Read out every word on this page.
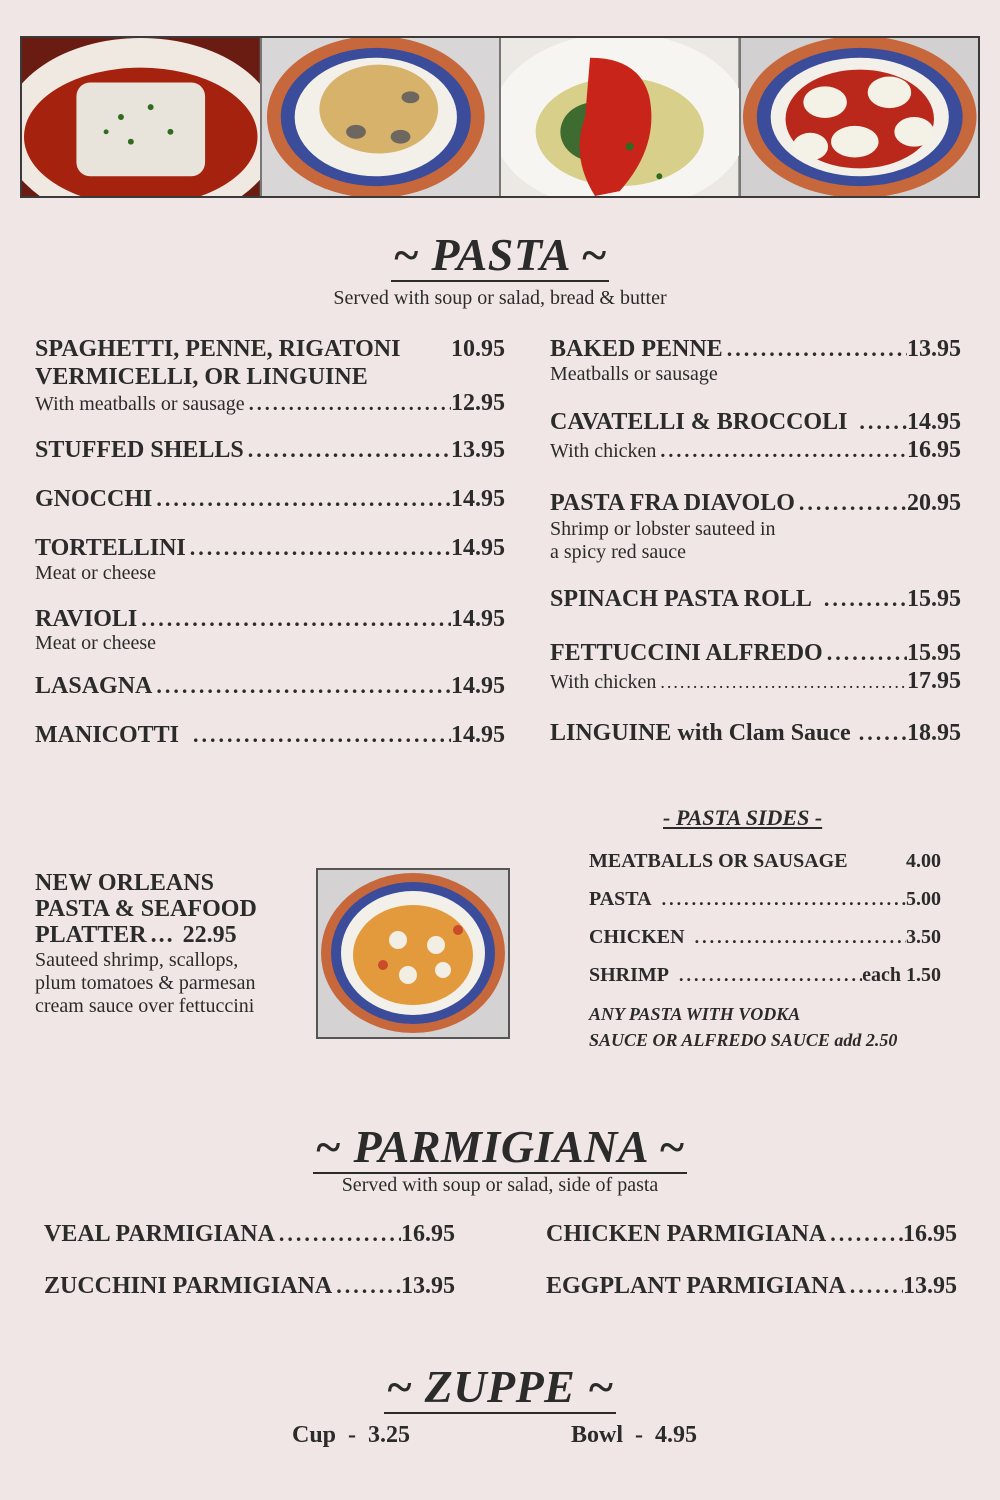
~ PASTA ~
Served with soup or salad, bread & butter
SPAGHETTI, PENNE, RIGATONI 10.95
VERMICELLI, OR LINGUINE
With meatballs or sausage .....	12.95
STUFFED SHELLS .....	13.95
GNOCCHI .....	14.95
TORTELLINI .....	14.95
Meat or cheese
RAVIOLI .....	14.95
Meat or cheese
LASAGNA .....	14.95
MANICOTTI .....	14.95
BAKED PENNE .....	13.95
Meatballs or sausage
CAVATELLI & BROCCOLI ..... 14.95
With chicken .....	16.95
PASTA FRA DIAVOLO .....	20.95
Shrimp or lobster sauteed in
a spicy red sauce
SPINACH PASTA ROLL .....	15.95
FETTUCCINI ALFREDO .....	15.95
With chicken .....	17.95
LINGUINE with Clam Sauce ..... 18.95
NEW ORLEANS
PASTA & SEAFOOD
PLATTER ... 22.95
Sauteed shrimp, scallops,
plum tomatoes & parmesan
cream sauce over fettuccini
- PASTA SIDES -
MEATBALLS OR SAUSAGE	4.00
PASTA .....	5.00
CHICKEN .....	3.50
SHRIMP .....	each 1.50
ANY PASTA WITH VODKA
SAUCE OR ALFREDO SAUCE add 2.50
~ PARMIGIANA ~
Served with soup or salad, side of pasta
VEAL PARMIGIANA .....	16.95	CHICKEN PARMIGIANA .....	16.95
ZUCCHINI PARMIGIANA .....	13.95	EGGPLANT PARMIGIANA ..... 13.95
~ ZUPPE ~
Cup  -  3.25	Bowl  -  4.95
